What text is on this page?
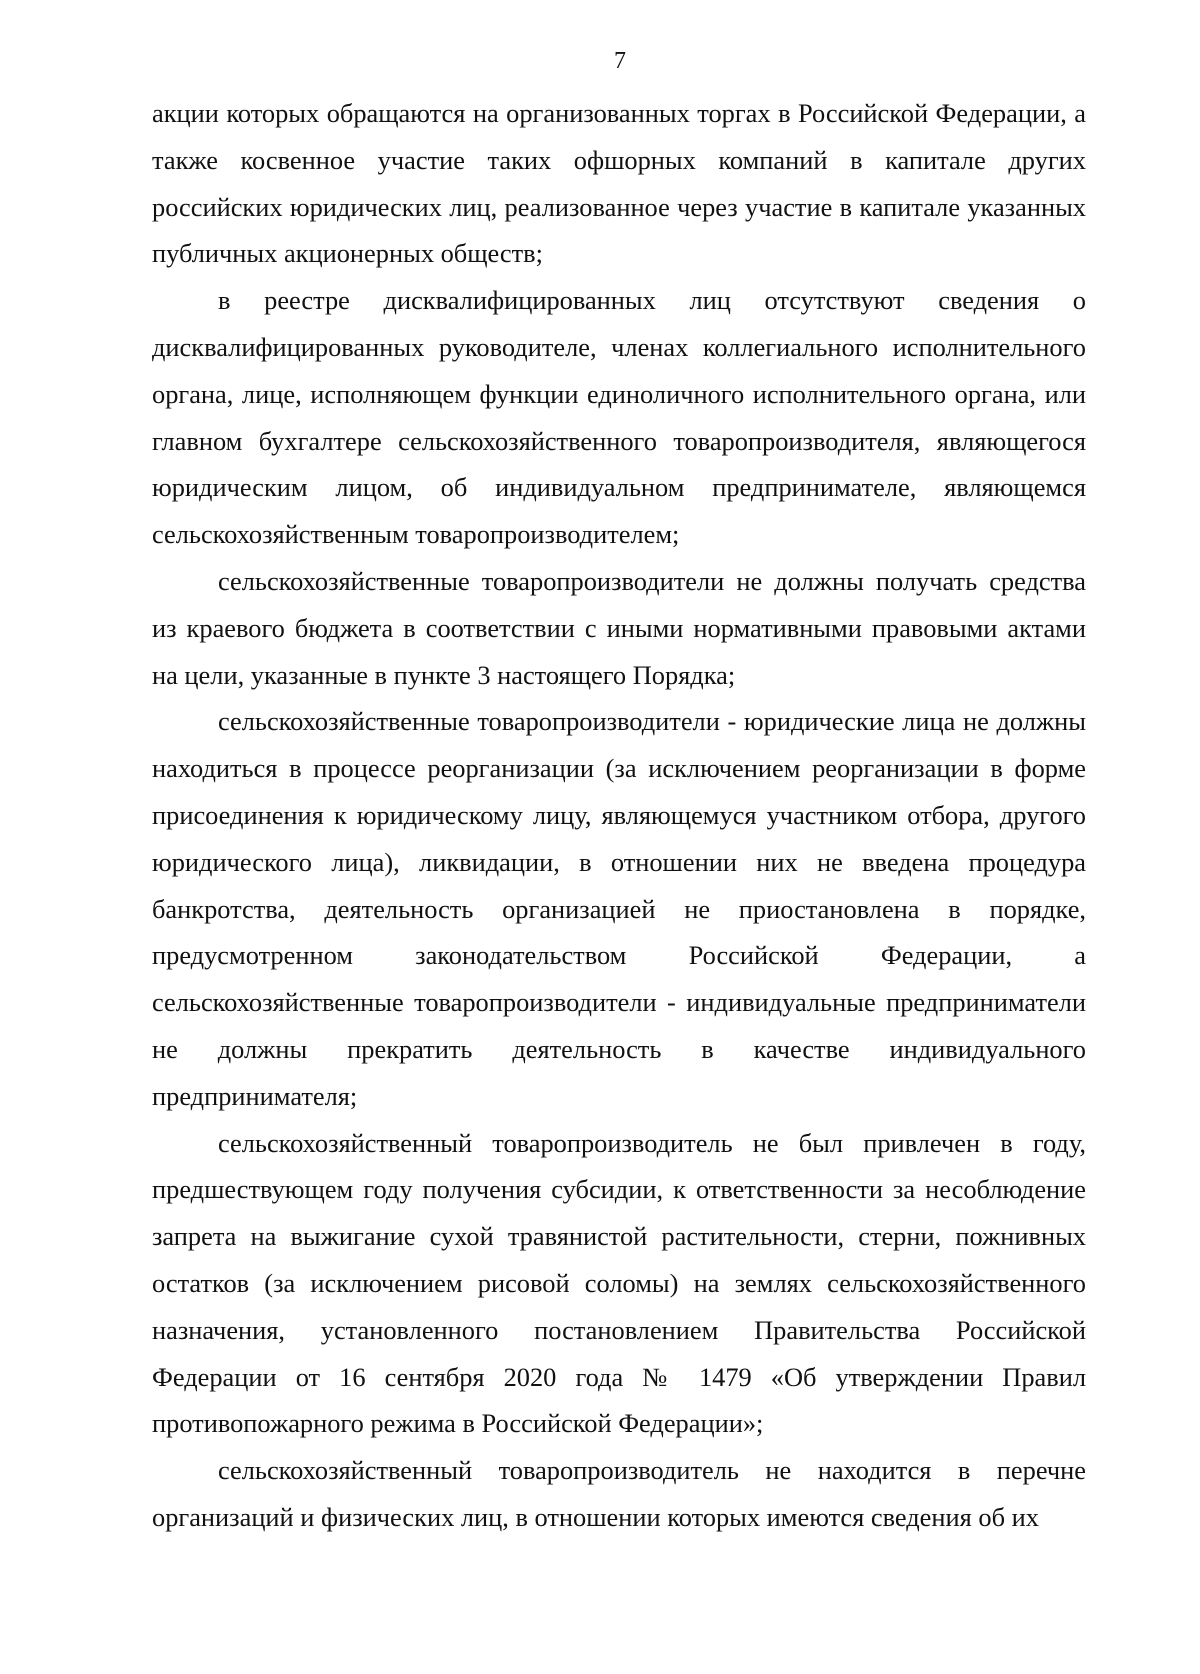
7

акции которых обращаются на организованных торгах в Российской Федерации, а также косвенное участие таких офшорных компаний в капитале других российских юридических лиц, реализованное через участие в капитале указанных публичных акционерных обществ;

в реестре дисквалифицированных лиц отсутствуют сведения о дисквалифицированных руководителе, членах коллегиального исполнительного органа, лице, исполняющем функции единоличного исполнительного органа, или главном бухгалтере сельскохозяйственного товаропроизводителя, являющегося юридическим лицом, об индивидуальном предпринимателе, являющемся сельскохозяйственным товаропроизводителем;

сельскохозяйственные товаропроизводители не должны получать средства из краевого бюджета в соответствии с иными нормативными правовыми актами на цели, указанные в пункте 3 настоящего Порядка;

сельскохозяйственные товаропроизводители - юридические лица не должны находиться в процессе реорганизации (за исключением реорганизации в форме присоединения к юридическому лицу, являющемуся участником отбора, другого юридического лица), ликвидации, в отношении них не введена процедура банкротства, деятельность организацией не приостановлена в порядке, предусмотренном законодательством Российской Федерации, а сельскохозяйственные товаропроизводители - индивидуальные предприниматели не должны прекратить деятельность в качестве индивидуального предпринимателя;

сельскохозяйственный товаропроизводитель не был привлечен в году, предшествующем году получения субсидии, к ответственности за несоблюдение запрета на выжигание сухой травянистой растительности, стерни, пожнивных остатков (за исключением рисовой соломы) на землях сельскохозяйственного назначения, установленного постановлением Правительства Российской Федерации от 16 сентября 2020 года № 1479 «Об утверждении Правил противопожарного режима в Российской Федерации»;

сельскохозяйственный товаропроизводитель не находится в перечне организаций и физических лиц, в отношении которых имеются сведения об их
